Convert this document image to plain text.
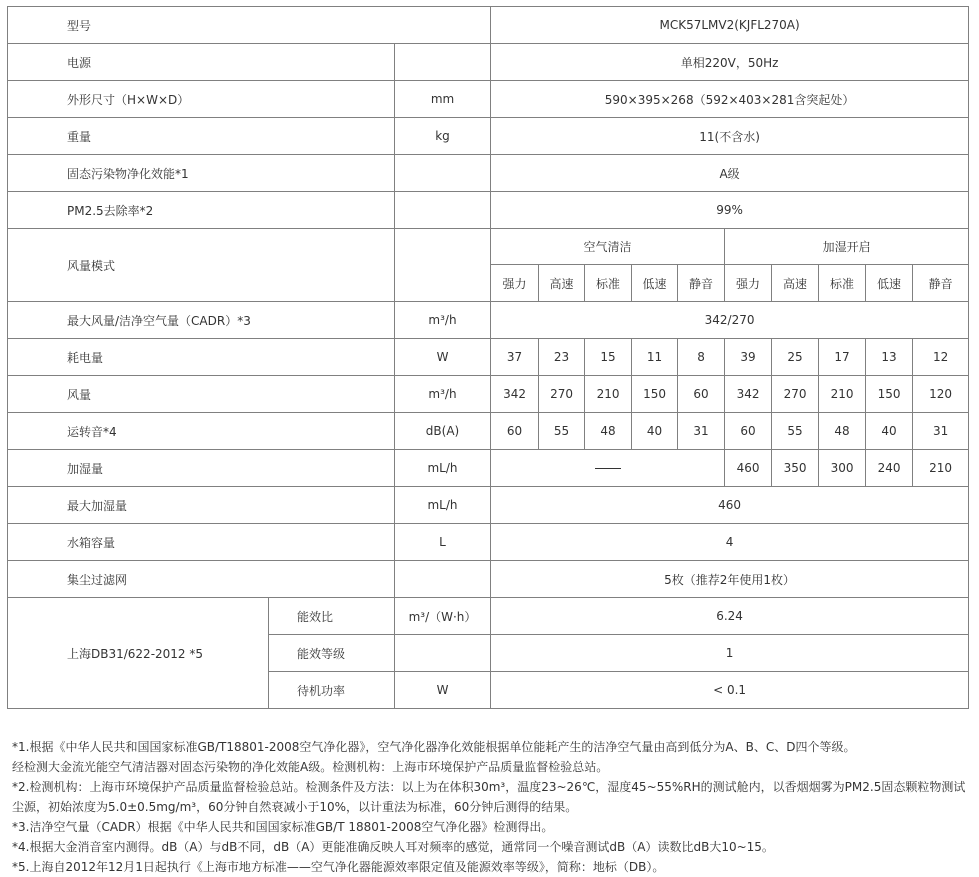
型号			MCK57LMV2(KJFL270A)									
电源			单相220V，50Hz									
外形尺寸（H×W×D）		mm	590×395×268（592×403×281含突起处）									
重量		kg	11(不含水)									
固态污染物净化效能*1			A级									
PM2.5去除率*2			99%									
风量模式			空气清洁					加湿开启				
			强力	高速	标准	低速	静音	强力	高速	标准	低速	静音
最大风量/洁净空气量（CADR）*3		m³/h	342/270									
耗电量		W	37	23	15	11	8	39	25	17	13	12
风量		m³/h	342	270	210	150	60	342	270	210	150	120
运转音*4		dB(A)	60	55	48	40	31	60	55	48	40	31
加湿量		mL/h						460	350	300	240	210
最大加湿量		mL/h	460									
水箱容量		L	4									
集尘过滤网			5枚（推荐2年使用1枚）									
上海DB31/622-2012 *5	能效比	m³/（W·h）	6.24									
	能效等级		1									
	待机功率	W	< 0.1									

*1.根据《中华人民共和国国家标准GB/T18801-2008空气净化器》，空气净化器净化效能根据单位能耗产生的洁净空气量由高到低分为A、B、C、D四个等级。

经检测大金流光能空气清洁器对固态污染物的净化效能A级。检测机构：上海市环境保护产品质量监督检验总站。

*2.检测机构：上海市环境保护产品质量监督检验总站。检测条件及方法：以上为在体积30m³，温度23~26℃，湿度45~55%RH的测试舱内，以香烟烟雾为PM2.5固态颗粒物测试尘源，初始浓度为5.0±0.5mg/m³，60分钟自然衰减小于10%，以计重法为标准，60分钟后测得的结果。

*3.洁净空气量（CADR）根据《中华人民共和国国家标准GB/T 18801-2008空气净化器》检测得出。

*4.根据大金消音室内测得。dB（A）与dB不同，dB（A）更能准确反映人耳对频率的感觉，通常同一个噪音测试dB（A）读数比dB大10~15。

*5.上海自2012年12月1日起执行《上海市地方标准——空气净化器能源效率限定值及能源效率等级》，简称：地标（DB）。
